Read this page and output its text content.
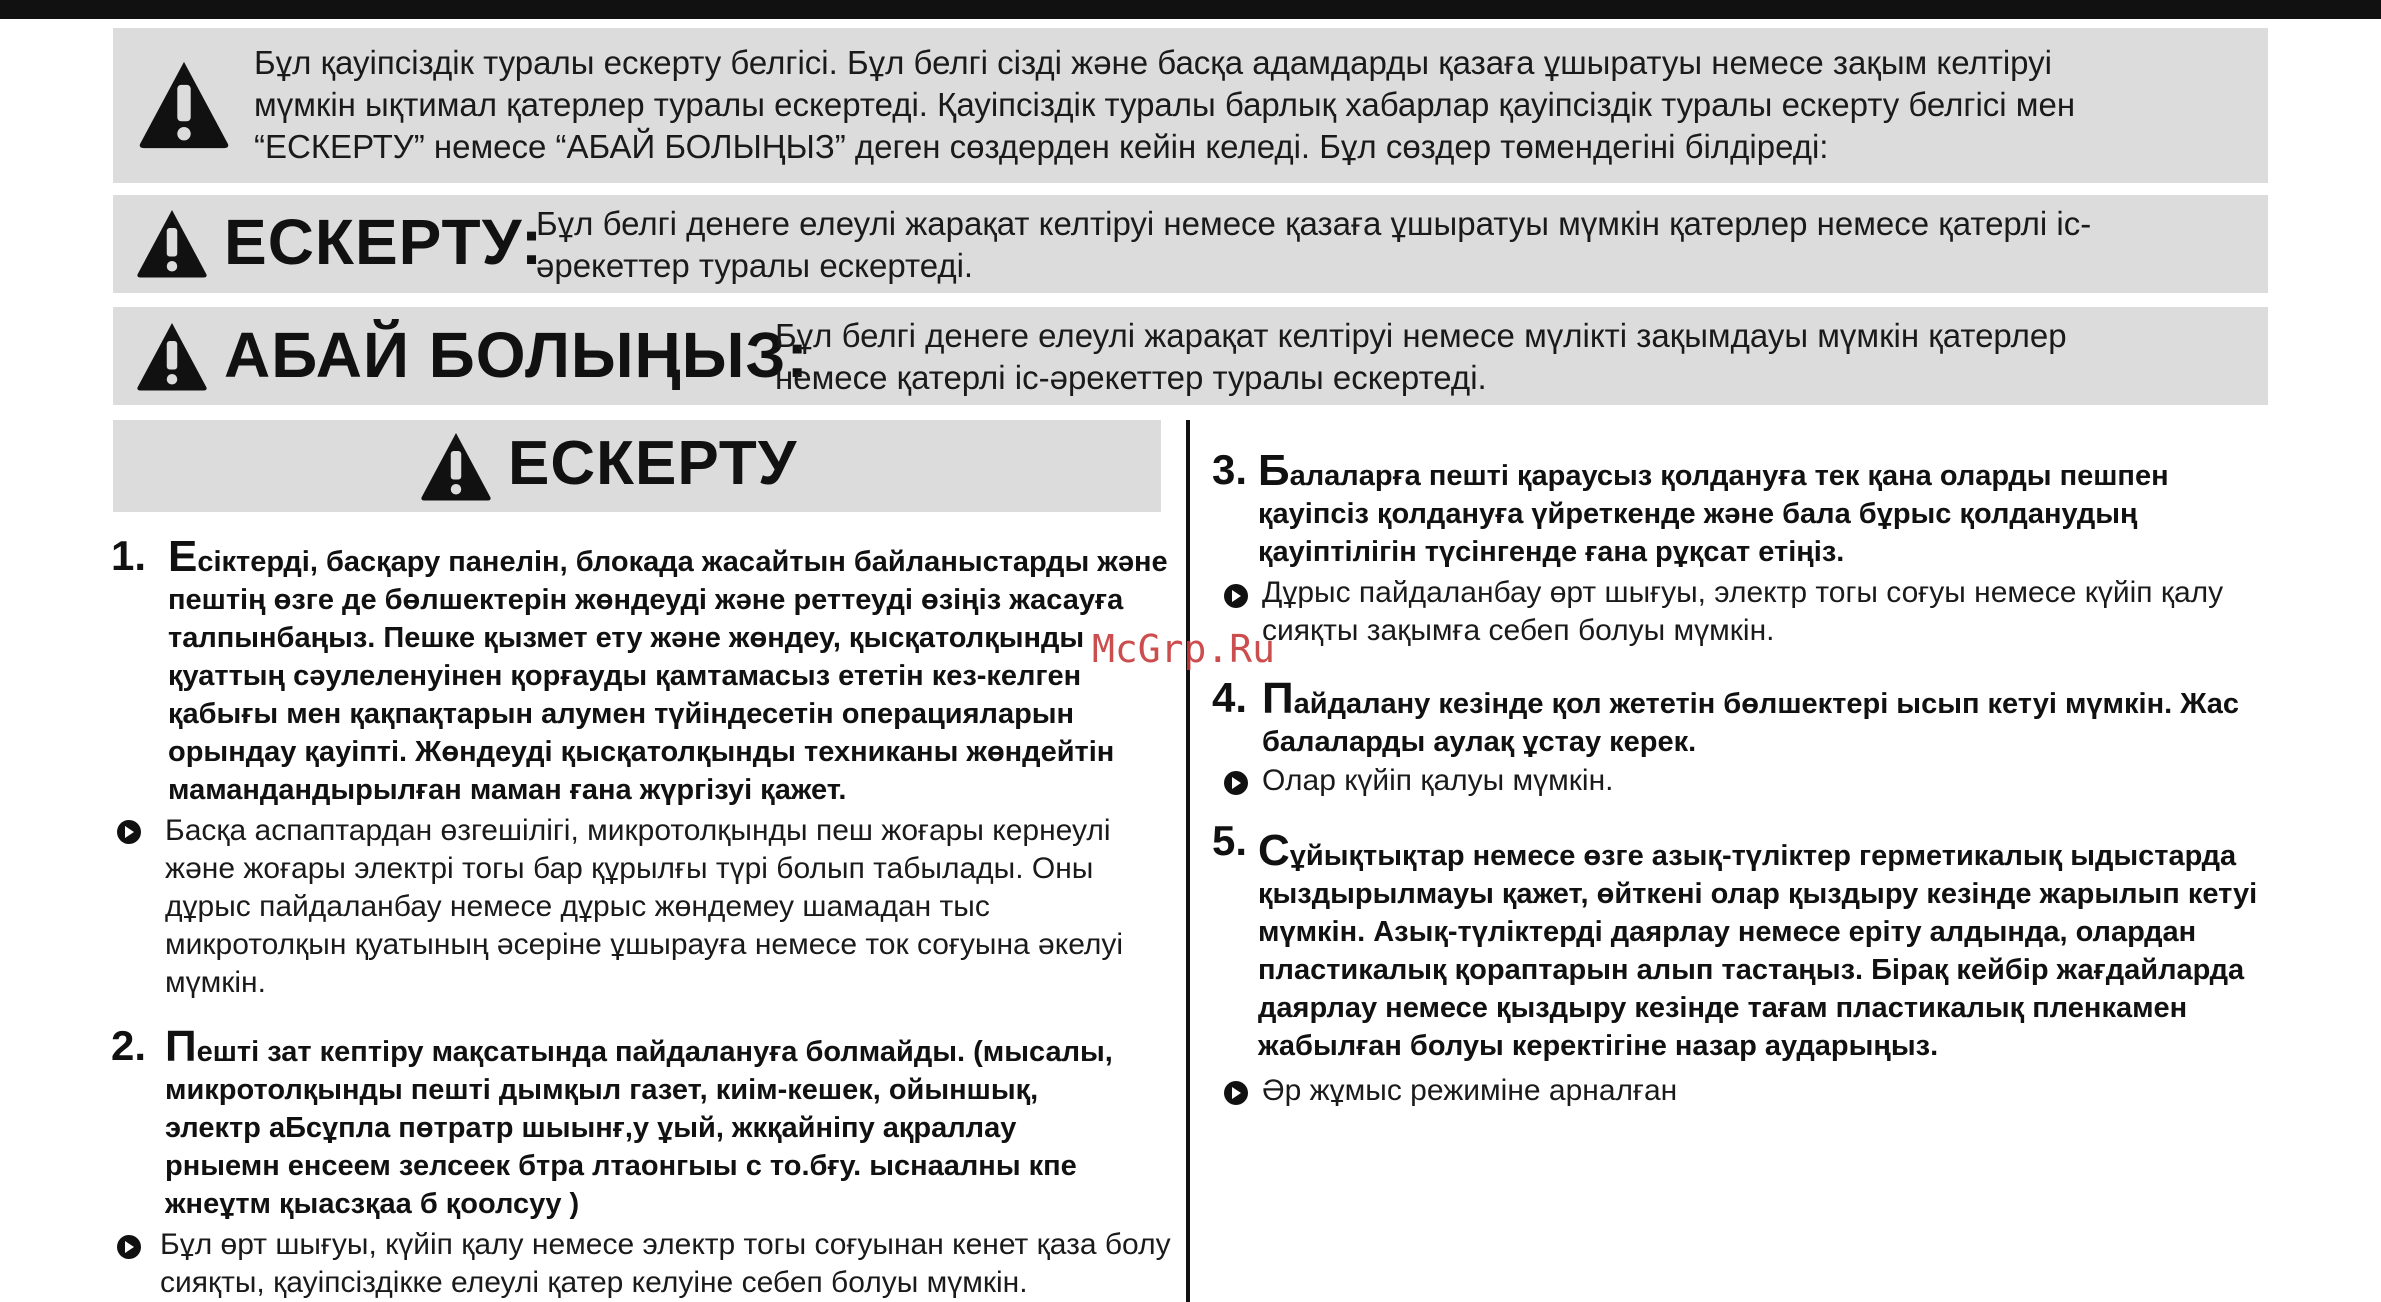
Бұл қауіпсіздік туралы ескерту белгісі. Бұл белгі сізді және басқа адамдарды қазаға ұшыратуы немесе зақым келтіруі мүмкін ықтимал қатерлер туралы ескертеді. Қауіпсіздік туралы барлық хабарлар қауіпсіздік туралы ескерту белгісі мен “ЕСКЕРТУ” немесе “АБАЙ БОЛЫҢЫЗ” деген сөздерден кейін келеді. Бұл сөздер төмендегіні білдіреді:
ЕСКЕРТУ:
Бұл белгі денеге елеулі жарақат келтіруі немесе қазаға ұшыратуы мүмкін қатерлер немесе қатерлі іс-әрекеттер туралы ескертеді.
АБАЙ БОЛЫҢЫЗ:
Бұл белгі денеге елеулі жарақат келтіруі немесе мүлікті зақымдауы мүмкін қатерлер немесе қатерлі іс-әрекеттер туралы ескертеді.
ЕСКЕРТУ
1. Есіктерді, басқару панелін, блокада жасайтын байланыстарды және пештің өзге де бөлшектерін жөндеуді және реттеуді өзіңіз жасауға талпынбаңыз. Пешке қызмет ету және жөндеу, қысқатолқынды қуаттың сәулеленуінен қорғауды қамтамасыз ететін кез-келген қабығы мен қақпақтарын алумен түйіндесетін операцияларын орындау қауіпті. Жөндеуді қысқатолқынды техниканы жөндейтін мамандандырылған маман ғана жүргізуі қажет.
Басқа аспаптардан өзгешілігі, микротолқынды пеш жоғары кернеулі және жоғары электрі тогы бар құрылғы түрі болып табылады. Оны дұрыс пайдаланбау немесе дұрыс жөндемеу шамадан тыс микротолқын қуатының әсеріне ұшырауға немесе ток соғуына әкелуі мүмкін.
2. Пешті зат кептіру мақсатында пайдалануға болмайды. (мысалы, микротолқынды пешті дымқыл газет, киім-кешек, ойыншық, электр аБсұпла пөтратр шыынғ,у ұый, жкқайніпу ақраллау рныемн енсеем зелсеек бтра лтаонгыы с то.бғу. ыснаалны кпе жнеұтм қыасзқаа б қоолсуу )
Бұл өрт шығуы, күйіп қалу немесе электр тогы соғуынан кенет қаза болу сияқты, қауіпсіздікке елеулі қатер келуіне себеп болуы мүмкін.
3. Балаларға пешті қараусыз қолдануға тек қана оларды пешпен қауіпсіз қолдануға үйреткенде және бала бұрыс қолданудың қауіптілігін түсінгенде ғана рұқсат етіңіз.
Дұрыс пайдаланбау өрт шығуы, электр тогы соғуы немесе күйіп қалу сияқты зақымға себеп болуы мүмкін.
4. Пайдалану кезінде қол жететін бөлшектері ысып кетуі мүмкін. Жас балаларды аулақ ұстау керек.
Олар күйіп қалуы мүмкін.
5. Сұйықтықтар немесе өзге азық-түліктер герметикалық ыдыстарда қыздырылмауы қажет, өйткені олар қыздыру кезінде жарылып кетуі мүмкін. Азық-түліктерді даярлау немесе еріту алдында, олардан пластикалық қораптарын алып тастаңыз. Бірақ кейбір жағдайларда даярлау немесе қыздыру кезінде тағам пластикалық пленкамен жабылған болуы керектігіне назар аударыңыз.
Әр жұмыс режиміне арналған
McGrp.Ru
